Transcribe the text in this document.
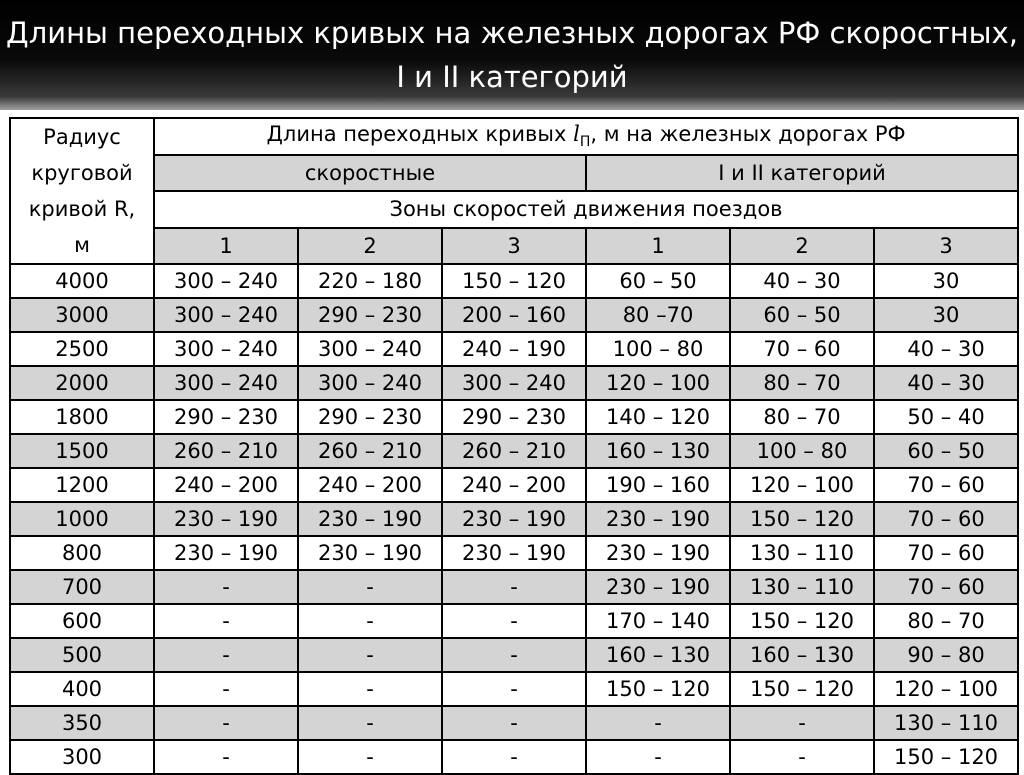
Длины переходных кривых на железных дорогах РФ скоростных,
I и II категорий
Радиус
круговой
кривой R,
м	Длина переходных кривых $l_П$, м на железных дорогах РФ					
	скоростные			I и II категорий		
	Зоны скоростей движения поездов					
	1	2	3	1	2	3
4000	300 – 240	220 – 180	150 – 120	60 – 50	40 – 30	30
3000	300 – 240	290 – 230	200 – 160	80 –70	60 – 50	30
2500	300 – 240	300 – 240	240 – 190	100 – 80	70 – 60	40 – 30
2000	300 – 240	300 – 240	300 – 240	120 – 100	80 – 70	40 – 30
1800	290 – 230	290 – 230	290 – 230	140 – 120	80 – 70	50 – 40
1500	260 – 210	260 – 210	260 – 210	160 – 130	100 – 80	60 – 50
1200	240 – 200	240 – 200	240 – 200	190 – 160	120 – 100	70 – 60
1000	230 – 190	230 – 190	230 – 190	230 – 190	150 – 120	70 – 60
800	230 – 190	230 – 190	230 – 190	230 – 190	130 – 110	70 – 60
700	-	-	-	230 – 190	130 – 110	70 – 60
600	-	-	-	170 – 140	150 – 120	80 – 70
500	-	-	-	160 – 130	160 – 130	90 – 80
400	-	-	-	150 – 120	150 – 120	120 – 100
350	-	-	-	-	-	130 – 110
300	-	-	-	-	-	150 – 120
